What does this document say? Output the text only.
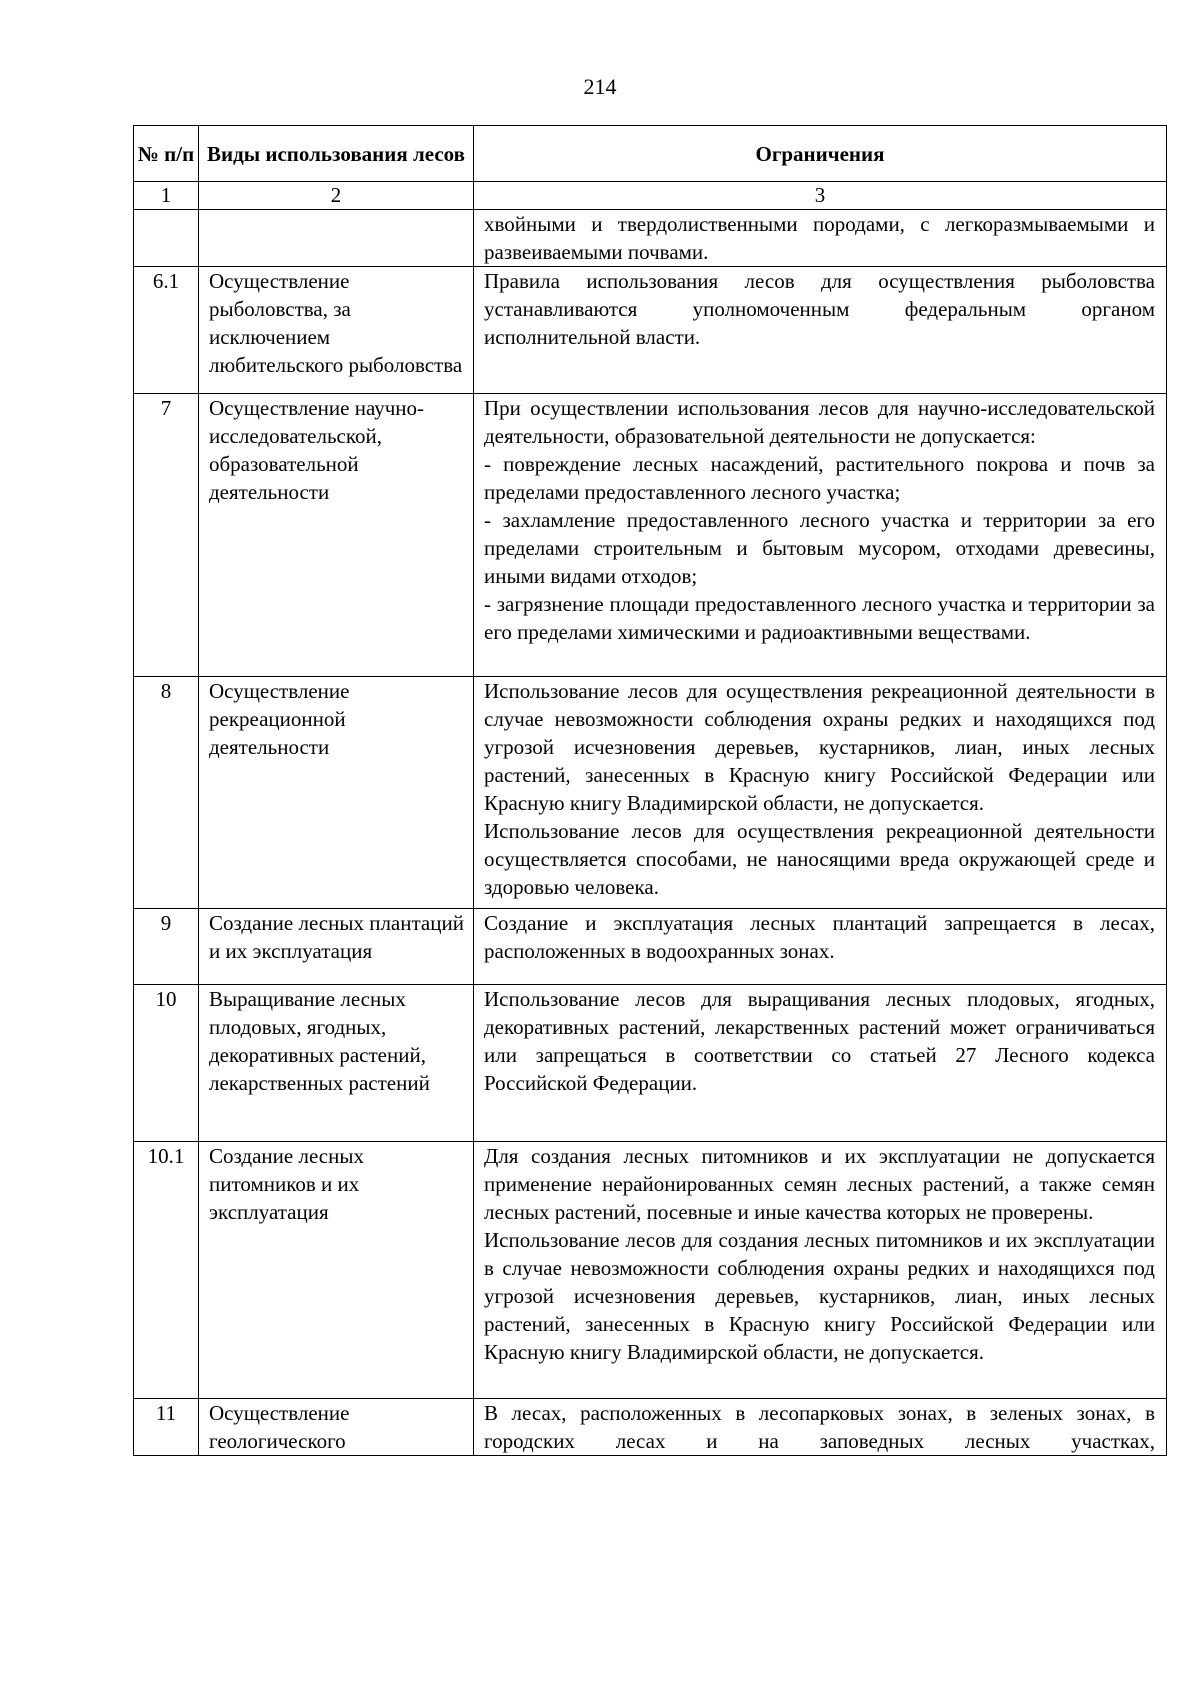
214
№ п/п	Виды использования лесов	Ограничения
1	2	3

		хвойными и твердолиственными породами, с легкоразмываемыми и развеиваемыми почвами.

6.1	Осуществление рыболовства, за исключением любительского рыболовства	Правила использования лесов для осуществления рыболовства устанавливаются уполномоченным федеральным органом исполнительной власти.

7	Осуществление научно-исследовательской, образовательной деятельности	При осуществлении использования лесов для научно-исследовательской деятельности, образовательной деятельности не допускается:
- повреждение лесных насаждений, растительного покрова и почв за пределами предоставленного лесного участка;
- захламление предоставленного лесного участка и территории за его пределами строительным и бытовым мусором, отходами древесины, иными видами отходов;
- загрязнение площади предоставленного лесного участка и территории за его пределами химическими и радиоактивными веществами.

8	Осуществление рекреационной деятельности	Использование лесов для осуществления рекреационной деятельности в случае невозможности соблюдения охраны редких и находящихся под угрозой исчезновения деревьев, кустарников, лиан, иных лесных растений, занесенных в Красную книгу Российской Федерации или Красную книгу Владимирской области, не допускается.
Использование лесов для осуществления рекреационной деятельности осуществляется способами, не наносящими вреда окружающей среде и здоровью человека.

9	Создание лесных плантаций и их эксплуатация	Создание и эксплуатация лесных плантаций запрещается в лесах, расположенных в водоохранных зонах.

10	Выращивание лесных плодовых, ягодных, декоративных растений, лекарственных растений	Использование лесов для выращивания лесных плодовых, ягодных, декоративных растений, лекарственных растений может ограничиваться или запрещаться в соответствии со статьей 27 Лесного кодекса Российской Федерации.

10.1	Создание лесных питомников и их эксплуатация	Для создания лесных питомников и их эксплуатации не допускается применение нерайонированных семян лесных растений, а также семян лесных растений, посевные и иные качества которых не проверены.
Использование лесов для создания лесных питомников и их эксплуатации в случае невозможности соблюдения охраны редких и находящихся под угрозой исчезновения деревьев, кустарников, лиан, иных лесных растений, занесенных в Красную книгу Российской Федерации или Красную книгу Владимирской области, не допускается.

11	Осуществление геологического	В лесах, расположенных в лесопарковых зонах, в зеленых зонах, в городских лесах и на заповедных лесных участках,
